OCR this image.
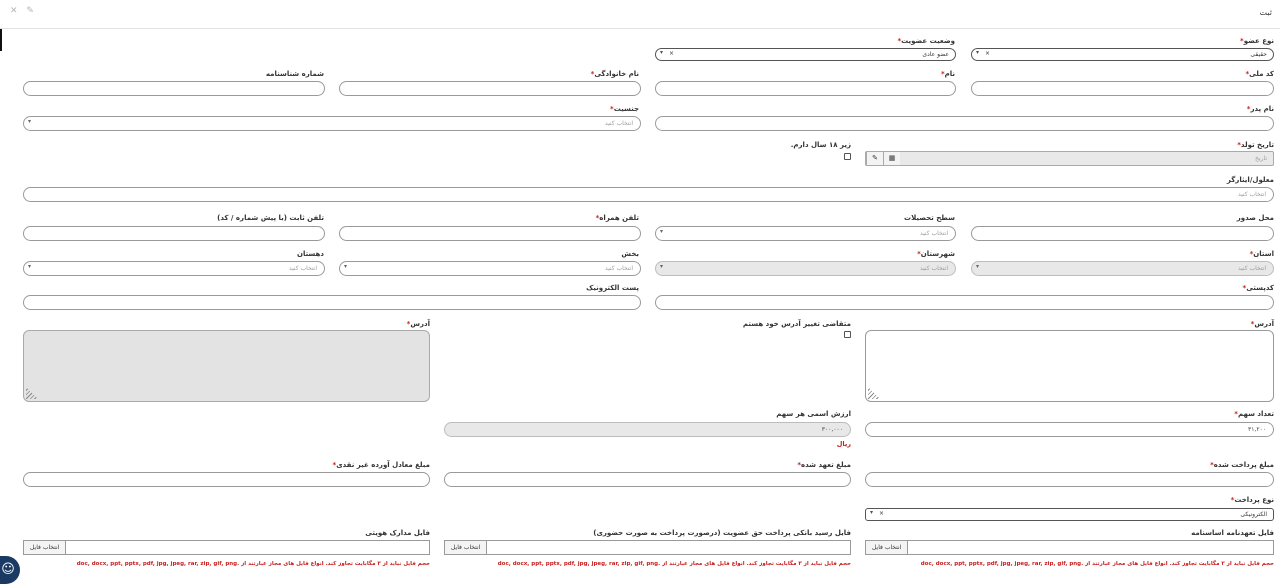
ثبت
✕ ✎
نوع عضو*
حقیقی
×
▾
وضعیت عضویت*
عضو عادی
×
▾
کد ملی*
نام*
نام خانوادگی*
شماره شناسنامه
نام پدر*
جنسیت*
انتخاب کنید
▾
تاریخ تولد*
تاریخ
✎	▦
زیر ۱۸ سال دارم.
معلول/ایثارگر
انتخاب کنید
محل صدور
سطح تحصیلات
انتخاب کنید
▾
تلفن همراه*
تلفن ثابت (با پیش شماره / کد)
استان*
انتخاب کنید
▾
شهرستان*
انتخاب کنید
▾
بخش
انتخاب کنید
▾
دهستان
انتخاب کنید
▾
کدپستی*
پست الکترونیک
آدرس*
متقاضی تغییر آدرس خود هستم
آدرس*
تعداد سهم*
۳۱,۲۰۰
ارزش اسمی هر سهم
۳۰۰,۰۰۰
ریال
مبلغ پرداخت شده*
مبلغ تعهد شده*
مبلغ معادل آورده غیر نقدی*
نوع پرداخت*
الکترونیکی
×
▾
فایل تعهدنامه اساسنامه
انتخاب فایل
حجم فایل نباید از ۳ مگابایت تجاوز کند. انواع فایل های مجاز عبارتند از .doc, docx, ppt, pptx, pdf, jpg, jpeg, rar, zip, gif, png
فایل رسید بانکی پرداخت حق عضویت (درصورت پرداخت به صورت حضوری)
انتخاب فایل
حجم فایل نباید از ۳ مگابایت تجاوز کند. انواع فایل های مجاز عبارتند از .doc, docx, ppt, pptx, pdf, jpg, jpeg, rar, zip, gif, png
فایل مدارک هویتی
انتخاب فایل
حجم فایل نباید از ۳ مگابایت تجاوز کند. انواع فایل های مجاز عبارتند از .doc, docx, ppt, pptx, pdf, jpg, jpeg, rar, zip, gif, png
☺
